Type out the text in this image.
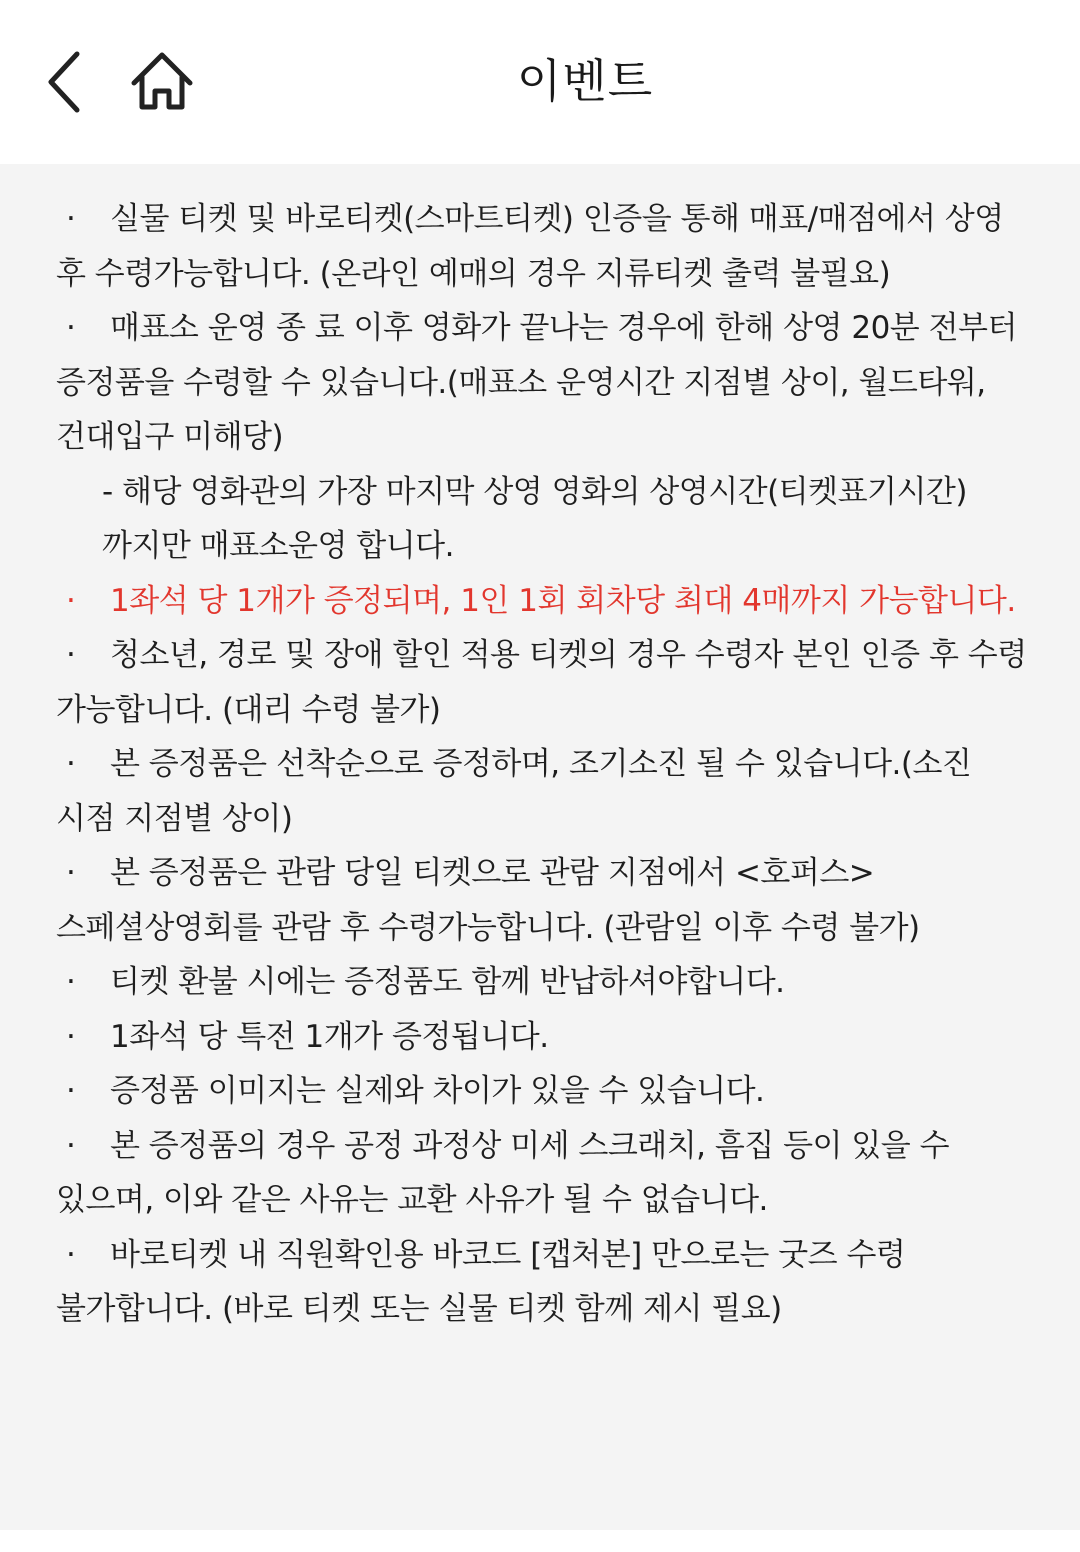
이벤트
· 실물 티켓 및 바로티켓(스마트티켓) 인증을 통해 매표/매점에서 상영 후 수령가능합니다. (온라인 예매의 경우 지류티켓 출력 불필요)
· 매표소 운영 종 료 이후 영화가 끝나는 경우에 한해 상영 20분 전부터 증정품을 수령할 수 있습니다.(매표소 운영시간 지점별 상이, 월드타워,건대입구 미해당)
- 해당 영화관의 가장 마지막 상영 영화의 상영시간(티켓표기시간) 까지만 매표소운영 합니다.
· 1좌석 당 1개가 증정되며, 1인 1회 회차당 최대 4매까지 가능합니다.
· 청소년, 경로 및 장애 할인 적용 티켓의 경우 수령자 본인 인증 후 수령 가능합니다. (대리 수령 불가)
· 본 증정품은 선착순으로 증정하며, 조기소진 될 수 있습니다.(소진 시점 지점별 상이)
· 본 증정품은 관람 당일 티켓으로 관람 지점에서 <호퍼스> 스페셜상영회를 관람 후 수령가능합니다. (관람일 이후 수령 불가)
· 티켓 환불 시에는 증정품도 함께 반납하셔야합니다.
· 1좌석 당 특전 1개가 증정됩니다.
· 증정품 이미지는 실제와 차이가 있을 수 있습니다.
· 본 증정품의 경우 공정 과정상 미세 스크래치, 흠집 등이 있을 수 있으며, 이와 같은 사유는 교환 사유가 될 수 없습니다.
· 바로티켓 내 직원확인용 바코드 [캡처본] 만으로는 굿즈 수령 불가합니다. (바로 티켓 또는 실물 티켓 함께 제시 필요)
